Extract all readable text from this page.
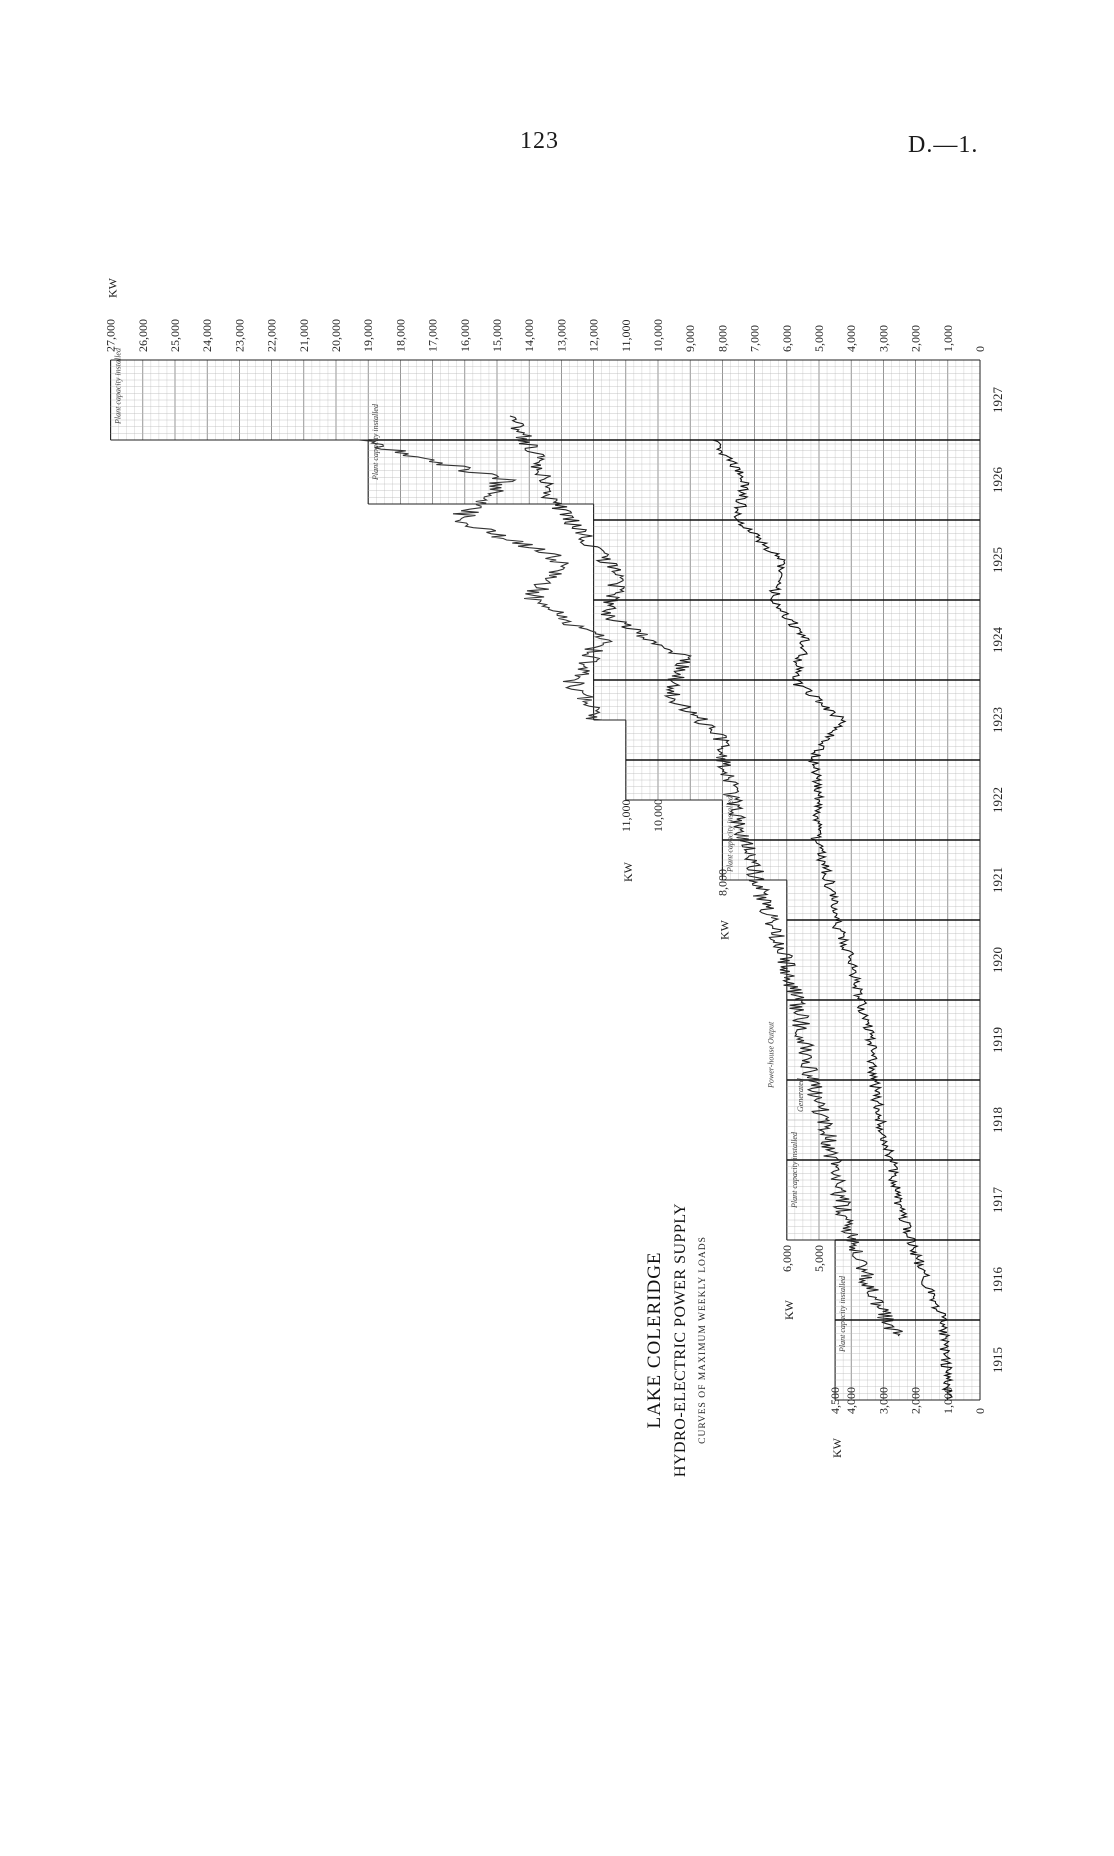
123	D.—1.
1915
1916
1917
1918
1919
1920
1921
1922
1923
1924
1925
1926
1927
0
1,000
2,000
3,000
4,000
4,500
5,000
6,000
8,000
10,000
11,000
0
1,000
2,000
3,000
4,000
5,000
6,000
7,000
8,000
9,000
10,000
11,000
12,000
13,000
14,000
15,000
16,000
17,000
18,000
19,000
20,000
21,000
22,000
23,000
24,000
25,000
26,000
27,000
KW
KW
KW
KW
KW
Plant capacity installed
Plant capacity installed
Plant capacity installed
Power-house Output
Generated
Plant capacity installed
Plant capacity installed
LAKE COLERIDGE HYDRO-ELECTRIC POWER SUPPLY CURVES OF MAXIMUM WEEKLY LOADS
